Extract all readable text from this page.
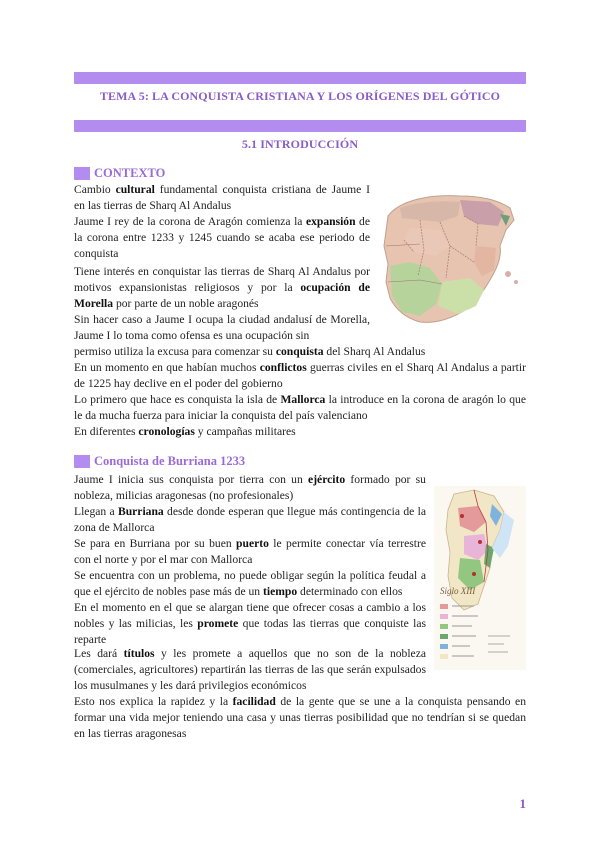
TEMA 5: LA CONQUISTA CRISTIANA Y LOS ORÍGENES DEL GÓTICO
5.1 INTRODUCCIÓN
CONTEXTO
Cambio cultural fundamental conquista cristiana de Jaume I en las tierras de Sharq Al Andalus
Jaume I rey de la corona de Aragón comienza la expansión de la corona entre 1233 y 1245 cuando se acaba ese periodo de conquista
Tiene interés en conquistar las tierras de Sharq Al Andalus por motivos expansionistas religiosos y por la ocupación de Morella por parte de un noble aragonés
Sin hacer caso a Jaume I ocupa la ciudad andalusí de Morella, Jaume I lo toma como ofensa es una ocupación sin
permiso utiliza la excusa para comenzar su conquista del Sharq Al Andalus
En un momento en que habían muchos conflictos guerras civiles en el Sharq Al Andalus a partir de 1225 hay declive en el poder del gobierno
Lo primero que hace es conquista la isla de Mallorca la introduce en la corona de aragón lo que le da mucha fuerza para iniciar la conquista del país valenciano
En diferentes cronologías y campañas militares
Conquista de Burriana 1233
Siglo XIII
Jaume I inicia sus conquista por tierra con un ejército formado por su nobleza, milicias aragonesas (no profesionales)
Llegan a Burriana desde donde esperan que llegue más contingencia de la zona de Mallorca
Se para en Burriana por su buen puerto le permite conectar vía terrestre con el norte y por el mar con Mallorca
Se encuentra con un problema, no puede obligar según la política feudal a que el ejército de nobles pase más de un tiempo determinado con ellos
En el momento en el que se alargan tiene que ofrecer cosas a cambio a los nobles y las milicias, les promete que todas las tierras que conquiste las reparte
Les dará títulos y les promete a aquellos que no son de la nobleza (comerciales, agricultores) repartirán las tierras de las que serán expulsados los musulmanes y les dará privilegios económicos
Esto nos explica la rapidez y la facilidad de la gente que se une a la conquista pensando en formar una vida mejor teniendo una casa y unas tierras posibilidad que no tendrían si se quedan en las tierras aragonesas
1
